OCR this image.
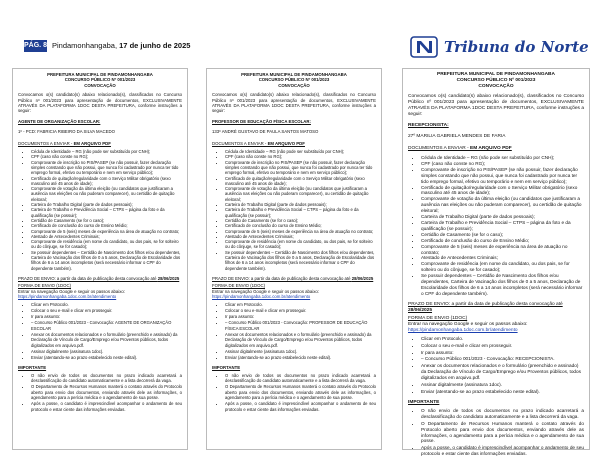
PÁG. 8 Pindamonhangaba, 17 de junho de 2025	Tribuna do Norte
PREFEITURA MUNICIPAL DE PINDAMONHANGABA
CONCURSO PÚBLICO Nº 001/2023
CONVOCAÇÃO
Convocamos o(s) candidato(s) abaixo relacionado(s), classificados no Concurso Público nº 001/2023 para apresentação de documentos, EXCLUSIVAMENTE ATRAVÉS DA PLATAFORMA 1DOC DESTA PREFEITURA, conforme instruções a seguir:
AGENTE DE ORGANIZAÇÃO ESCOLAR:
1º - PCD: FABRICIA RIBEIRO DA SILVA MACEDO
DOCUMENTOS A ENVIAR - EM ARQUIVO PDF
• Cédula de Identidade – RG (não pode ser substituído por CNH);
• CPF (caso não conste no RG);
• Comprovante de inscrição no PIS/PASEP (se não possuir, fazer declaração simples constando que não possui, que nunca foi cadastrado por nunca ter tido emprego formal, efetivo ou temporário e nem em serviço público);
• Certificado de quitação/regularidade com o Serviço Militar obrigatório (sexo masculino até 45 anos de idade);
• Comprovante de votação da última eleição (ou candidatos que justificaram a ausência nas eleições ou não puderam comparecer), ou certidão de quitação eleitoral;
• Carteira de Trabalho Digital (parte de dados pessoais);
• Carteira de Trabalho e Previdência Social – CTPS – página da foto e da qualificação (se possuir);
• Certidão de Casamento (se for o caso);
• Certificado de conclusão do curso de Ensino Médio;
• Comprovante de 5 (seis) meses de experiência na área de atuação no contrato;
• Atestado de Antecedentes Criminais;
• Comprovante de residência (em nome do candidato, ou dos pais, se for solteiro ou do cônjuge, se for casado);
• Se possuir dependentes – Certidão de Nascimento dos filhos e/ou dependentes, Carteira de Vacinação dos filhos de 0 a 5 anos, Declaração de Escolaridade dos filhos de 6 a 14 anos incompletos (será necessário informar o CPF do dependente também).
PRAZO DE ENVIO: a partir da data de publicação desta convocação até 28/06/2025
FORMA DE ENVIO (1DOC)
Entrar na navegação Google e seguir os passos abaixo:
https://pindamonhangaba.1doc.com.br/atendimento
• Clicar em Protocolo.
• Colocar o seu e-mail e clicar em prosseguir.
• Ir para assunto:
• – Concurso Público 001/2023 - Convocação: AGENTE DE ORGANIZAÇÃO ESCOLAR
• Anexar os documentos relacionados e o formulário (preenchido e assinado) da Declaração de Vínculo de Cargo/Emprego e/ou Proventos públicos, todos digitalizados em arquivo.pdf.
• Assinar digitalmente (assinatura 1doc).
• Enviar (atentando-se ao prazo estabelecido neste edital).
IMPORTANTE
• O não envio de todos os documentos no prazo indicado acarretará a desclassificação do candidato automaticamente e a lista decorrerá da vaga.
• O Departamento de Recursos Humanos manterá o contato através do Protocolo aberto para envio dos documentos, enviando através dele as informações, o agendamento para a perícia médica e o agendamento de sua posse.
• Após a posse, o candidato é imprescindível acompanhar o andamento de seu protocolo e estar ciente das informações enviadas.
PREFEITURA MUNICIPAL DE PINDAMONHANGABA
CONCURSO PÚBLICO Nº 001/2023
CONVOCAÇÃO
Convocamos o(s) candidato(s) abaixo relacionado(s), classificados no Concurso Público nº 001/2023 para apresentação de documentos, EXCLUSIVAMENTE ATRAVÉS DA PLATAFORMA 1DOC DESTA PREFEITURA, conforme instruções a seguir:
PROFESSOR DE EDUCAÇÃO FÍSICA ESCOLAR:
133º ANDRÉ GUSTAVO DE PAULA SANTOS MATOSO
DOCUMENTOS A ENVIAR - EM ARQUIVO PDF
• Cédula de Identidade – RG (não pode ser substituído por CNH);
• CPF (caso não conste no RG);
• Comprovante de inscrição no PIS/PASEP (se não possuir, fazer declaração simples constando que não possui, que nunca foi cadastrado por nunca ter tido emprego formal, efetivo ou temporário e nem em serviço público);
• Certificado de quitação/regularidade com o Serviço Militar obrigatório (sexo masculino até 45 anos de idade);
• Comprovante de votação da última eleição (ou candidatos que justificaram a ausência nas eleições ou não puderam comparecer), ou certidão de quitação eleitoral;
• Carteira de Trabalho Digital (parte de dados pessoais);
• Carteira de Trabalho e Previdência Social – CTPS – página da foto e da qualificação (se possuir);
• Certidão de Casamento (se for o caso);
• Certificado de conclusão do curso de Ensino Médio;
• Comprovante de 5 (seis) meses de experiência na área de atuação no contrato;
• Atestado de Antecedentes Criminais;
• Comprovante de residência (em nome do candidato, ou dos pais, se for solteiro ou do cônjuge, se for casado);
• Se possuir dependentes – Certidão de Nascimento dos filhos e/ou dependentes, Carteira de Vacinação dos filhos de 0 a 5 anos, Declaração de Escolaridade dos filhos de 6 a 14 anos incompletos (será necessário informar o CPF do dependente também).
PRAZO DE ENVIO: a partir da data de publicação desta convocação até 28/06/2025
FORMA DE ENVIO (1DOC)
Entrar na navegação Google e seguir os passos abaixo:
https://pindamonhangaba.1doc.com.br/atendimento
• Clicar em Protocolo.
• Colocar o seu e-mail e clicar em prosseguir.
• Ir para assunto:
• – Concurso Público 001/2023 - Convocação: PROFESSOR DE EDUCAÇÃO FÍSICA ESCOLAR
• Anexar os documentos relacionados e o formulário (preenchido e assinado) da Declaração de Vínculo de Cargo/Emprego e/ou Proventos públicos, todos digitalizados em arquivo.pdf.
• Assinar digitalmente (assinatura 1doc).
• Enviar (atentando-se ao prazo estabelecido neste edital).
IMPORTANTE
• O não envio de todos os documentos no prazo indicado acarretará a desclassificação do candidato automaticamente e a lista decorrerá da vaga.
• O Departamento de Recursos Humanos manterá o contato através do Protocolo aberto para envio dos documentos, enviando através dele as informações, o agendamento para a perícia médica e o agendamento de sua posse.
• Após a posse, o candidato é imprescindível acompanhar o andamento de seu protocolo e estar ciente das informações enviadas.
PREFEITURA MUNICIPAL DE PINDAMONHANGABA
CONCURSO PÚBLICO Nº 001/2023
CONVOCAÇÃO
Convocamos o(s) candidato(s) abaixo relacionado(s), classificados no Concurso Público nº 001/2023 para apresentação de documentos, EXCLUSIVAMENTE ATRAVÉS DA PLATAFORMA 1DOC DESTA PREFEITURA, conforme instruções a seguir:
RECEPCIONISTA:
27º MARILIA GABRIELA MENDES DE FARIA
DOCUMENTOS A ENVIAR - EM ARQUIVO PDF
• Cédula de Identidade – RG (não pode ser substituído por CNH);
• CPF (caso não conste no RG);
• Comprovante de inscrição no PIS/PASEP (se não possuir, fazer declaração simples constando que não possui, que nunca foi cadastrado por nunca ter tido emprego formal, efetivo ou temporário e nem em serviço público);
• Certificado de quitação/regularidade com o Serviço Militar obrigatório (sexo masculino até 45 anos de idade);
• Comprovante de votação da última eleição (ou candidatos que justificaram a ausência nas eleições ou não puderam comparecer), ou certidão de quitação eleitoral;
• Carteira de Trabalho Digital (parte de dados pessoais);
• Carteira de Trabalho e Previdência Social – CTPS – página da foto e da qualificação (se possuir);
• Certidão de Casamento (se for o caso);
• Certificado de conclusão do curso de Ensino Médio;
• Comprovante de 5 (seis) meses de experiência na área de atuação no contrato;
• Atestado de Antecedentes Criminais;
• Comprovante de residência (em nome do candidato, ou dos pais, se for solteiro ou do cônjuge, se for casado);
• Se possuir dependentes – Certidão de Nascimento dos filhos e/ou dependentes, Carteira de Vacinação dos filhos de 0 a 5 anos, Declaração de Escolaridade dos filhos de 6 a 14 anos incompletos (será necessário informar o CPF do dependente também).
PRAZO DE ENVIO: a partir da data de publicação desta convocação até 28/06/2025
FORMA DE ENVIO (1DOC)
Entrar na navegação Google e seguir os passos abaixo:
https://pindamonhangaba.1doc.com.br/atendimento
• Clicar em Protocolo.
• Colocar o seu e-mail e clicar em prosseguir.
• Ir para assunto:
• – Concurso Público 001/2023 - Convocação: RECEPCIONISTA.
• Anexar os documentos relacionados e o formulário (preenchido e assinado) da Declaração de Vínculo de Cargo/Emprego e/ou Proventos públicos, todos digitalizados em arquivo.pdf.
• Assinar digitalmente (assinatura 1doc).
• Enviar (atentando-se ao prazo estabelecido neste edital).
IMPORTANTE
• O não envio de todos os documentos no prazo indicado acarretará a desclassificação do candidato automaticamente e a lista decorrerá da vaga.
• O Departamento de Recursos Humanos manterá o contato através do Protocolo aberto para envio dos documentos, enviando através dele as informações, o agendamento para a perícia médica e o agendamento de sua posse.
• Após a posse, o candidato é imprescindível acompanhar o andamento de seu protocolo e estar ciente das informações enviadas.
